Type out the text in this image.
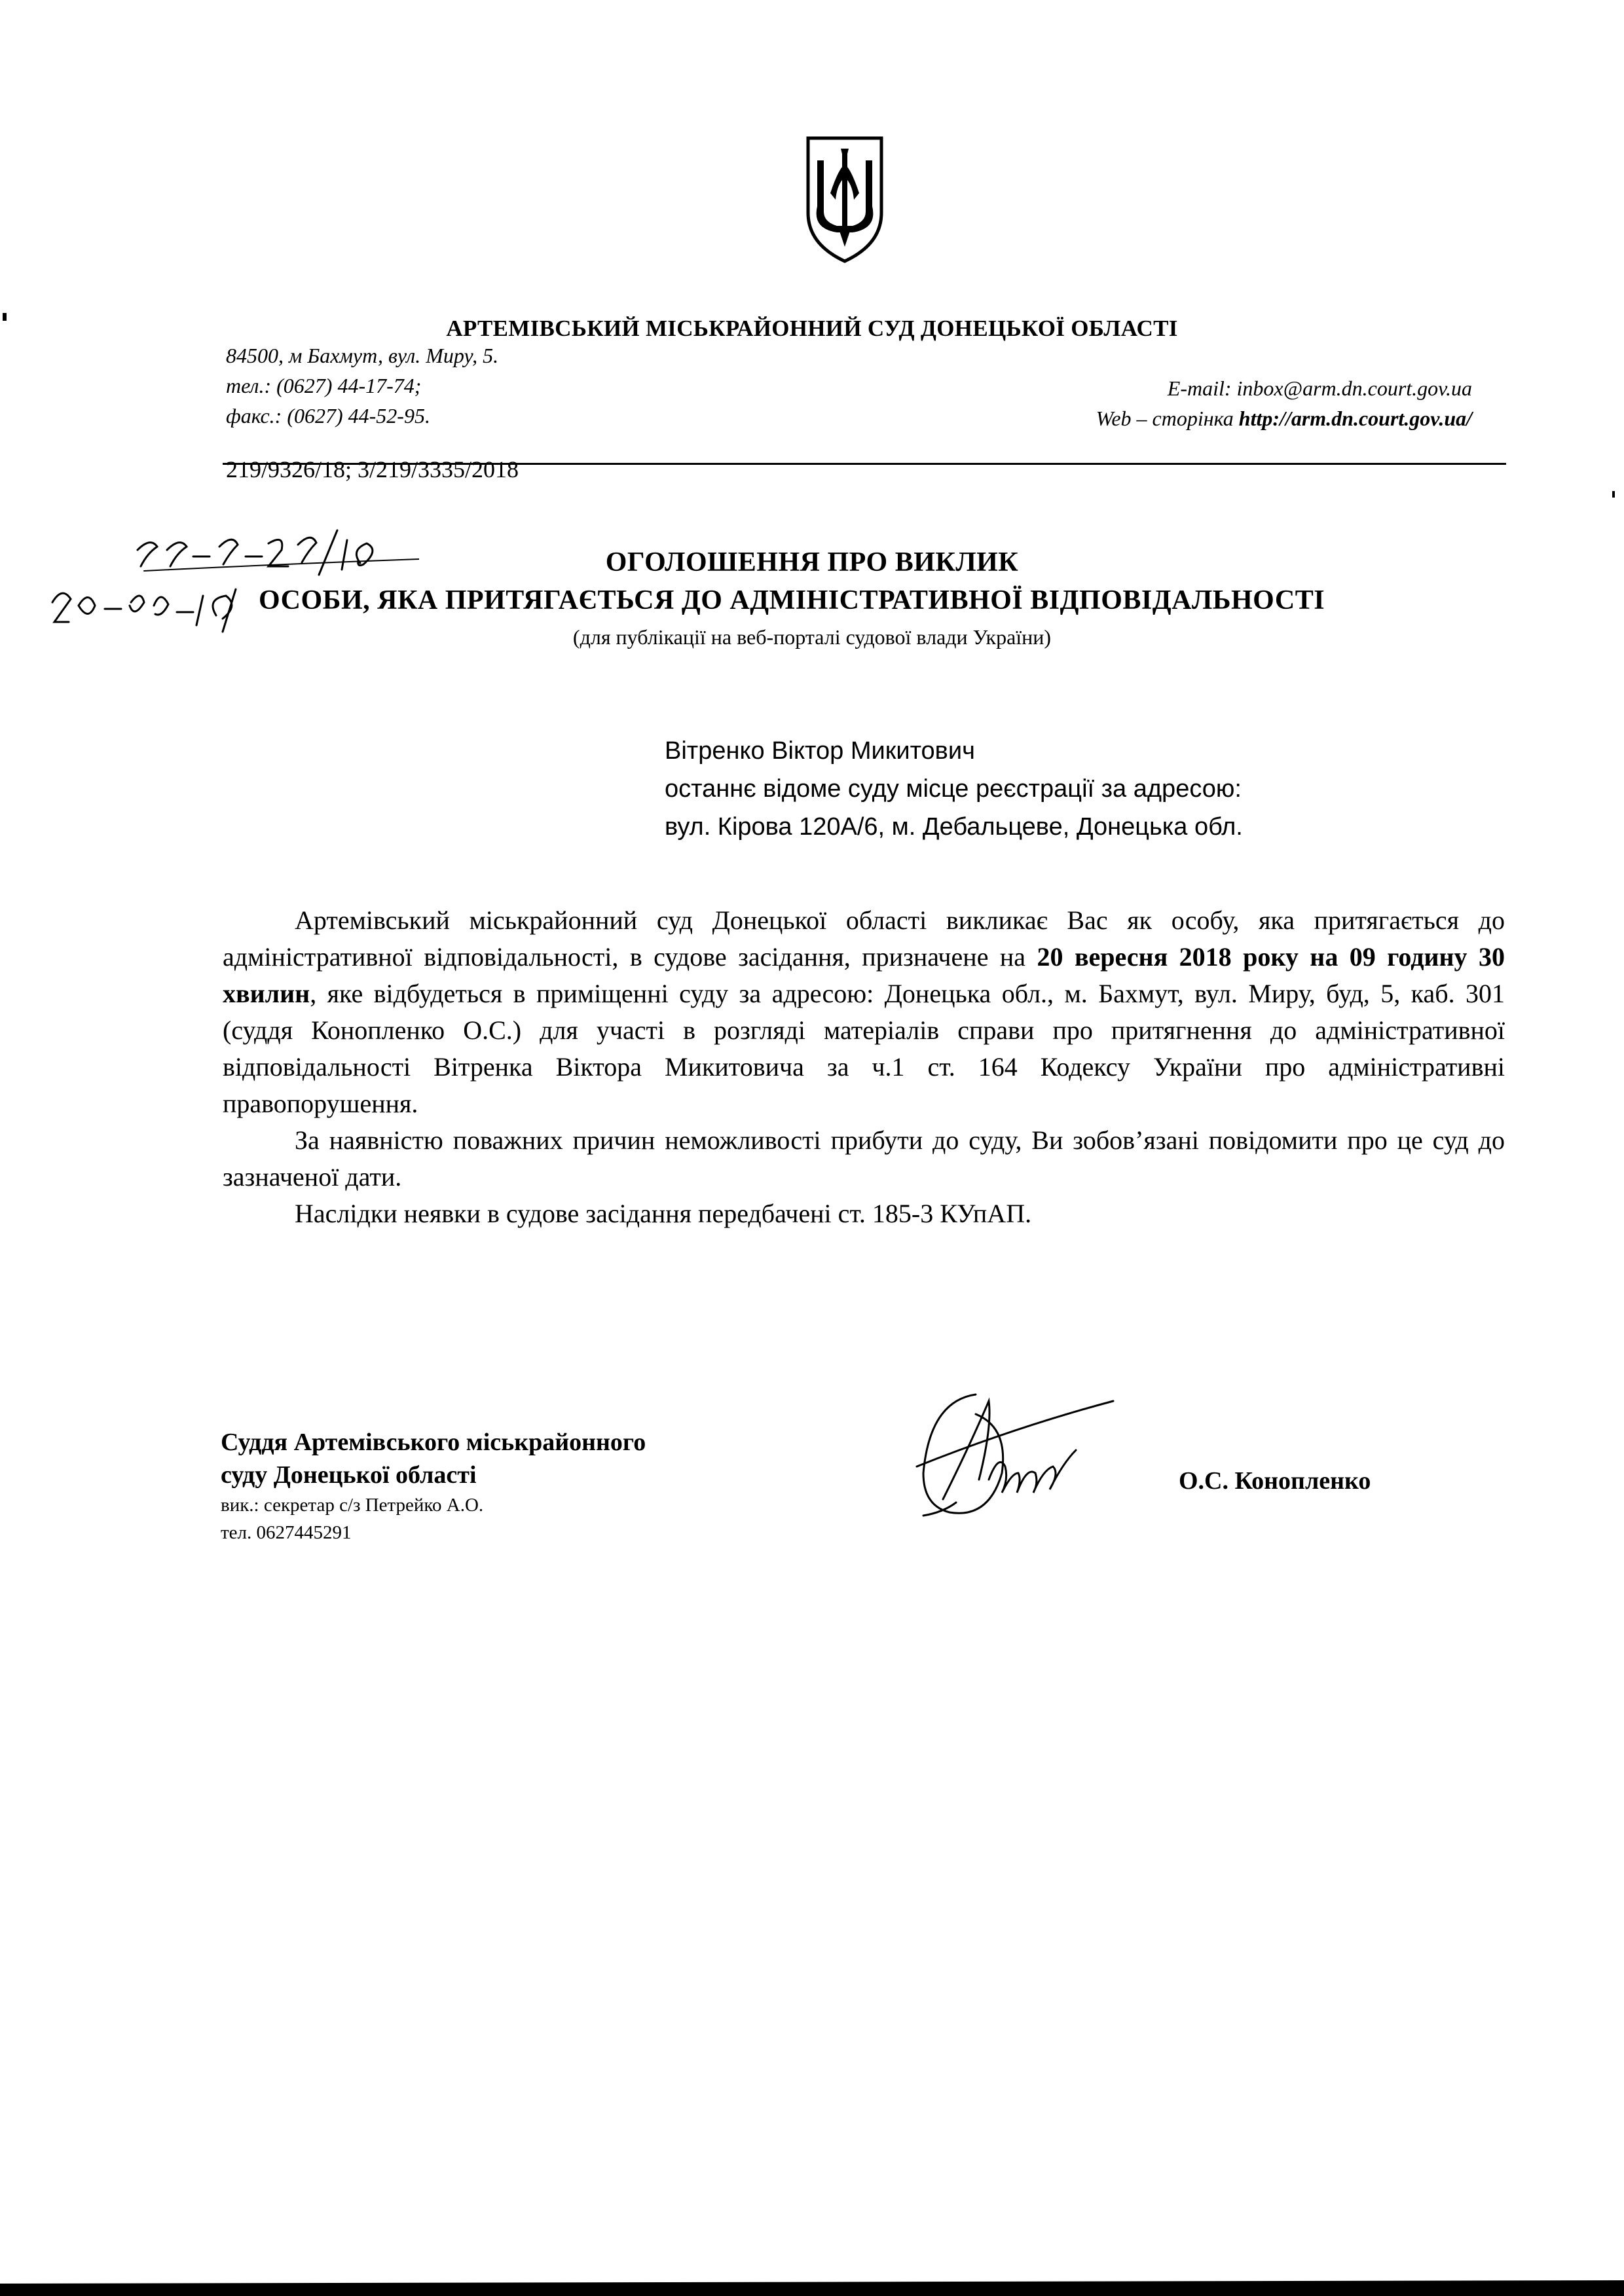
АРТЕМІВСЬКИЙ МІСЬКРАЙОННИЙ СУД ДОНЕЦЬКОЇ ОБЛАСТІ
84500, м Бахмут, вул. Миру, 5.
тел.: (0627) 44-17-74;
факс.: (0627) 44-52-95.
E-mail: inbox@arm.dn.court.gov.ua
Web – сторінка http://arm.dn.court.gov.ua/
219/9326/18; 3/219/3335/2018
ОГОЛОШЕННЯ ПРО ВИКЛИК
ОСОБИ, ЯКА ПРИТЯГАЄТЬСЯ ДО АДМІНІСТРАТИВНОЇ ВІДПОВІДАЛЬНОСТІ
(для публікації на веб-порталі судової влади України)
Вітренко Віктор Микитович
останнє відоме суду місце реєстрації за адресою:
вул. Кірова 120А/6, м. Дебальцеве, Донецька обл.

Артемівський міськрайонний суд Донецької області викликає Вас як особу, яка притягається до адміністративної відповідальності, в судове засідання, призначене на 20 вересня 2018 року на 09 годину 30 хвилин, яке відбудеться в приміщенні суду за адресою: Донецька обл., м. Бахмут, вул. Миру, буд, 5, каб. 301 (суддя Конопленко О.С.) для участі в розгляді матеріалів справи про притягнення до адміністративної відповідальності Вітренка Віктора Микитовича за ч.1 ст. 164 Кодексу України про адміністративні правопорушення.

За наявністю поважних причин неможливості прибути до суду, Ви зобов’язані повідомити про це суд до зазначеної дати.

Наслідки неявки в судове засідання передбачені ст. 185-3 КУпАП.

Суддя Артемівського міськрайонного
суду Донецької області
вик.: секретар с/з Петрейко А.О.
тел. 0627445291
О.С. Конопленко
